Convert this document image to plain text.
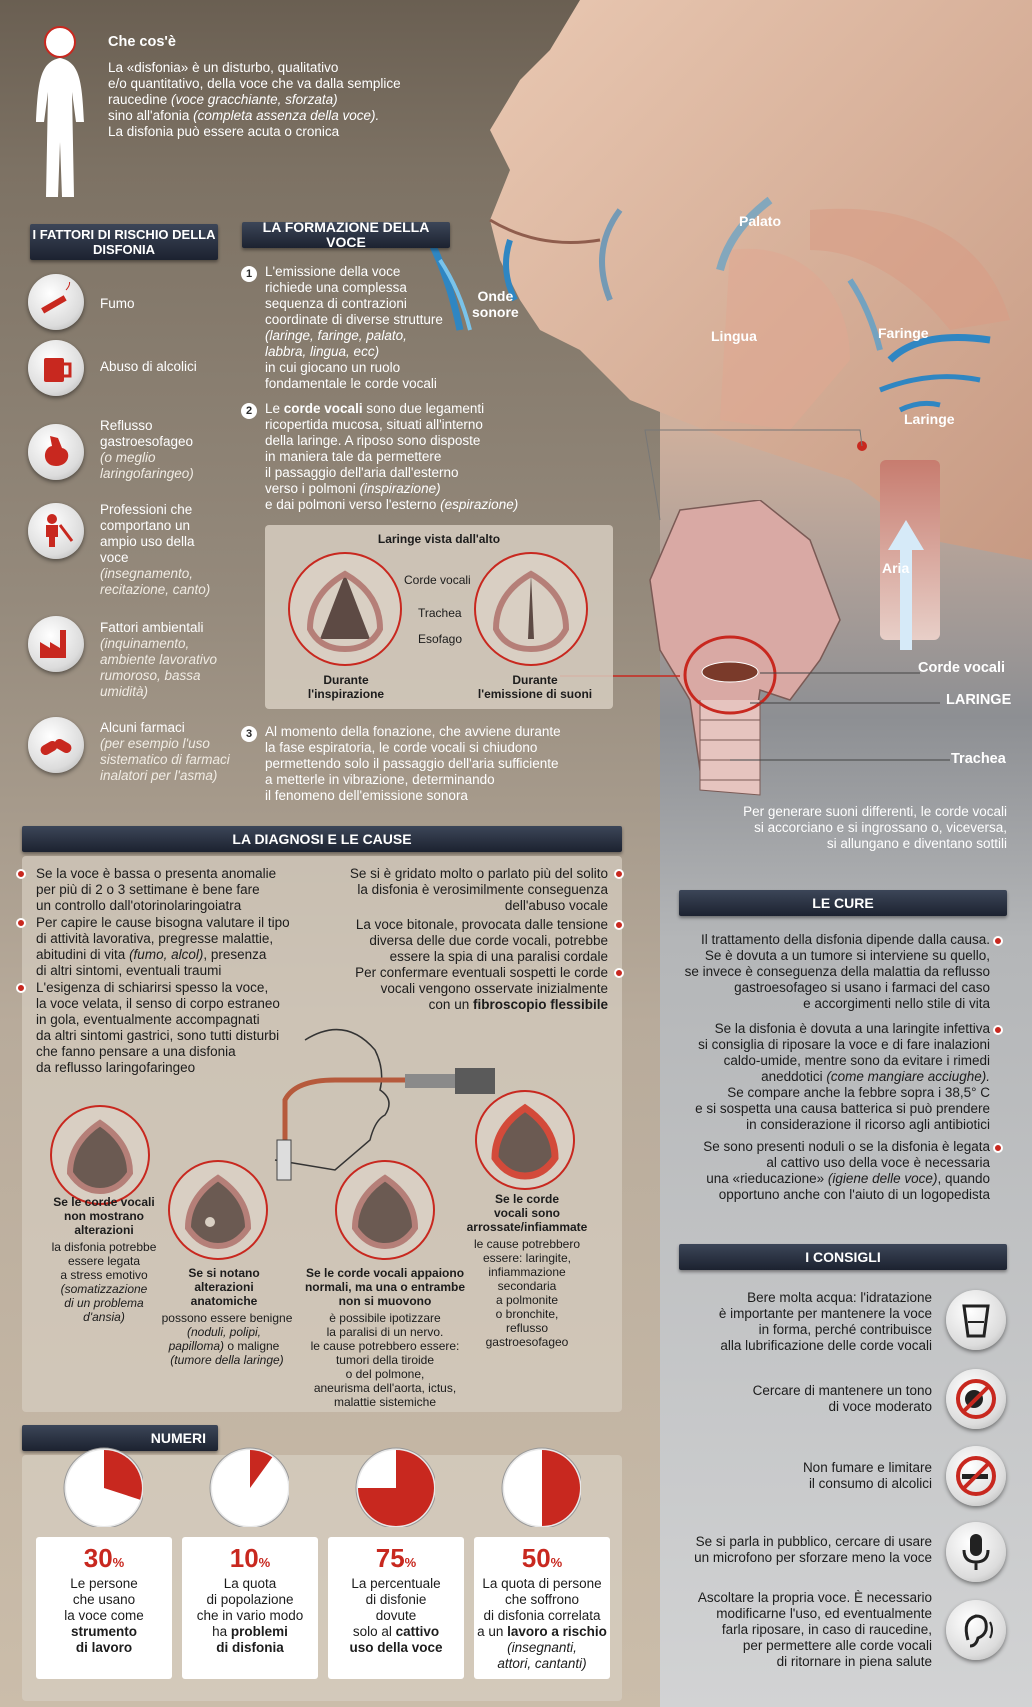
Che cos'è
La «disfonia» è un disturbo, qualitativo
e/o quantitativo, della voce che va dalla semplice
raucedine (voce gracchiante, sforzata)
sino all'afonia (completa assenza della voce).
La disfonia può essere acuta o cronica
I FATTORI DI RISCHIO DELLA DISFONIA
Fumo
Abuso di alcolici
Reflusso gastroesofageo
(o meglio laringofaringeo)
Professioni che comportano un ampio uso della voce
(insegnamento, recitazione, canto)
Fattori ambientali
(inquinamento, ambiente lavorativo rumoroso, bassa umidità)
Alcuni farmaci
(per esempio l'uso sistematico di farmaci inalatori per l'asma)
LA FORMAZIONE DELLA VOCE
1 L'emissione della voce
richiede una complessa
sequenza di contrazioni
coordinate di diverse strutture
(laringe, faringe, palato,
labbra, lingua, ecc)
in cui giocano un ruolo
fondamentale le corde vocali
2 Le corde vocali sono due legamenti
ricopertida mucosa, situati all'interno
della laringe. A riposo sono disposte
in maniera tale da permettere
il passaggio dell'aria dall'esterno
verso i polmoni (inspirazione)
e dai polmoni verso l'esterno (espirazione)
Laringe vista dall'alto
Corde vocali
Trachea
Esofago
Durante
l'inspirazione
Durante
l'emissione di suoni
3 Al momento della fonazione, che avviene durante
la fase espiratoria, le corde vocali si chiudono
permettendo solo il passaggio dell'aria sufficiente
a metterle in vibrazione, determinando
il fenomeno dell'emissione sonora
Palato
Onde
sonore
Lingua	Faringe
Laringe
Aria
Corde vocali
LARINGE
Trachea
Per generare suoni differenti, le corde vocali
si accorciano e si ingrossano o, viceversa,
si allungano e diventano sottili
LA DIAGNOSI E LE CAUSE
Se la voce è bassa o presenta anomalie
per più di 2 o 3 settimane è bene fare
un controllo dall'otorinolaringoiatra
Per capire le cause bisogna valutare il tipo
di attività lavorativa, pregresse malattie,
abitudini di vita (fumo, alcol), presenza
di altri sintomi, eventuali traumi
L'esigenza di schiarirsi spesso la voce,
la voce velata, il senso di corpo estraneo
in gola, eventualmente accompagnati
da altri sintomi gastrici, sono tutti disturbi
che fanno pensare a una disfonia
da reflusso laringofaringeo
Se si è gridato molto o parlato più del solito
la disfonia è verosimilmente conseguenza
dell'abuso vocale
La voce bitonale, provocata dalle tensione
diversa delle due corde vocali, potrebbe
essere la spia di una paralisi cordale
Per confermare eventuali sospetti le corde
vocali vengono osservate inizialmente
con un fibroscopio flessibile
Se le corde vocali
non mostrano
alterazioni
la disfonia potrebbe
essere legata
a stress emotivo
(somatizzazione
di un problema
d'ansia)
Se si notano
alterazioni
anatomiche
possono essere benigne
(noduli, polipi,
papilloma) o maligne
(tumore della laringe)
Se le corde vocali appaiono
normali, ma una o entrambe
non si muovono
è possibile ipotizzare
la paralisi di un nervo.
le cause potrebbero essere:
tumori della tiroide
o del polmone,
aneurisma dell'aorta, ictus,
malattie sistemiche
Se le corde
vocali sono
arrossate/infiammate
le cause potrebbero
essere: laringite,
infiammazione
secondaria
a polmonite
o bronchite,
reflusso
gastroesofageo
LE CURE
Il trattamento della disfonia dipende dalla causa.
Se è dovuta a un tumore si interviene su quello,
se invece è conseguenza della malattia da reflusso
gastroesofageo si usano i farmaci del caso
e accorgimenti nello stile di vita
Se la disfonia è dovuta a una laringite infettiva
si consiglia di riposare la voce e di fare inalazioni
caldo-umide, mentre sono da evitare i rimedi
aneddotici (come mangiare acciughe).
Se compare anche la febbre sopra i 38,5° C
e si sospetta una causa batterica si può prendere
in considerazione il ricorso agli antibiotici
Se sono presenti noduli o se la disfonia è legata
al cattivo uso della voce è necessaria
una «rieducazione» (igiene delle voce), quando
opportuno anche con l'aiuto di un logopedista
I CONSIGLI
Bere molta acqua: l'idratazione
è importante per mantenere la voce
in forma, perché contribuisce
alla lubrificazione delle corde vocali
Cercare di mantenere un tono
di voce moderato
Non fumare e limitare
il consumo di alcolici
Se si parla in pubblico, cercare di usare
un microfono per sforzare meno la voce
Ascoltare la propria voce. È necessario
modificarne l'uso, ed eventualmente
farla riposare, in caso di raucedine,
per permettere alle corde vocali
di ritornare in piena salute
NUMERI
30%
Le persone
che usano
la voce come
strumento
di lavoro
10%
La quota
di popolazione
che in vario modo
ha problemi
di disfonia
75%
La percentuale
di disfonie
dovute
solo al cattivo
uso della voce
50%
La quota di persone
che soffrono
di disfonia correlata
a un lavoro a rischio
(insegnanti,
attori, cantanti)
